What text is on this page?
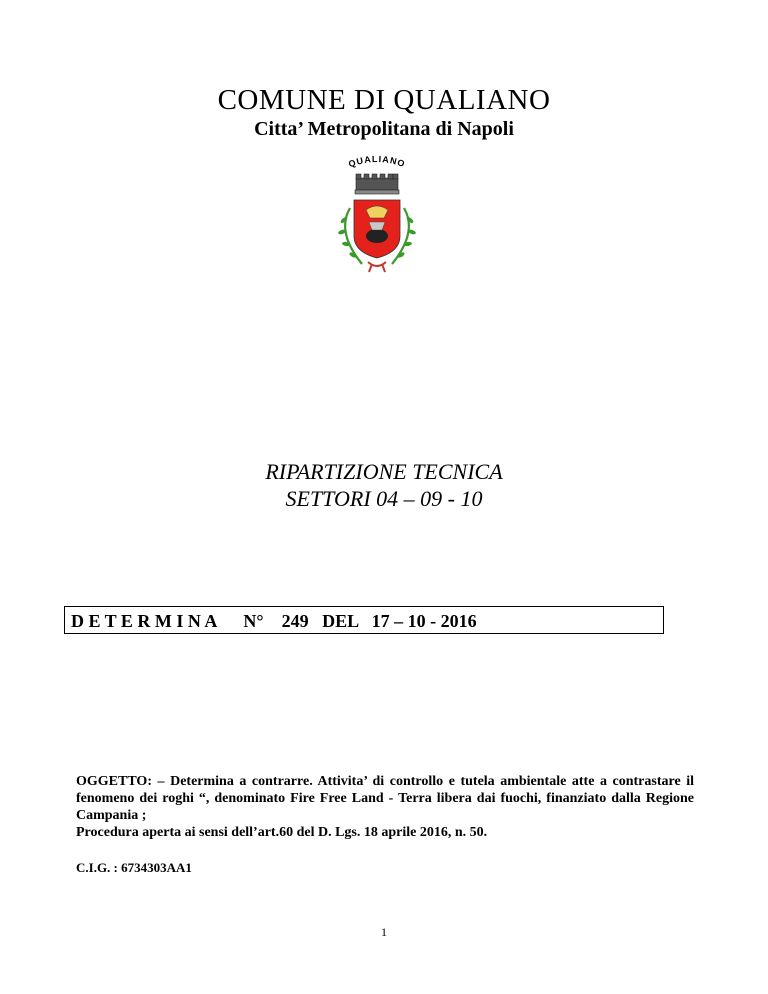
COMUNE DI QUALIANO
Citta’ Metropolitana di Napoli
QUALIANO
RIPARTIZIONE TECNICA
SETTORI 04 – 09 - 10
D E T E R M I N A N° 249 DEL 17 – 10 - 2016

OGGETTO: – Determina a contrarre. Attivita’ di controllo e tutela ambientale atte a contrastare il fenomeno dei roghi “, denominato Fire Free Land - Terra libera dai fuochi, finanziato dalla Regione Campania ;

Procedura aperta ai sensi dell’art.60 del D. Lgs. 18 aprile 2016, n. 50.

C.I.G. : 6734303AA1
1
